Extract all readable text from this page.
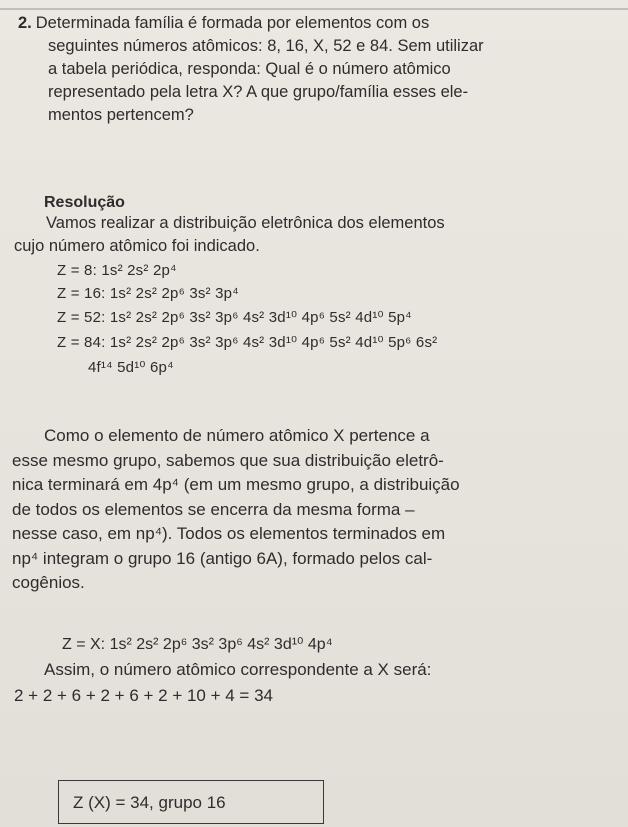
2. Determinada família é formada por elementos com os

seguintes números atômicos: 8, 16, X, 52 e 84. Sem utilizar

a tabela periódica, responda: Qual é o número atômico

representado pela letra X? A que grupo/família esses ele-

mentos pertencem?

Resolução
Vamos realizar a distribuição eletrônica dos elementos
cujo número atômico foi indicado.
Z = 8: 1s² 2s² 2p⁴
Z = 16: 1s² 2s² 2p⁶ 3s² 3p⁴
Z = 52: 1s² 2s² 2p⁶ 3s² 3p⁶ 4s² 3d¹⁰ 4p⁶ 5s² 4d¹⁰ 5p⁴
Z = 84: 1s² 2s² 2p⁶ 3s² 3p⁶ 4s² 3d¹⁰ 4p⁶ 5s² 4d¹⁰ 5p⁶ 6s²
4f¹⁴ 5d¹⁰ 6p⁴
Como o elemento de número atômico X pertence a
esse mesmo grupo, sabemos que sua distribuição eletrô-
nica terminará em 4p⁴ (em um mesmo grupo, a distribuição
de todos os elementos se encerra da mesma forma –
nesse caso, em np⁴). Todos os elementos terminados em
np⁴ integram o grupo 16 (antigo 6A), formado pelos cal-
cogênios.
Z = X: 1s² 2s² 2p⁶ 3s² 3p⁶ 4s² 3d¹⁰ 4p⁴
Assim, o número atômico correspondente a X será:
2 + 2 + 6 + 2 + 6 + 2 + 10 + 4 = 34
Z (X) = 34, grupo 16
